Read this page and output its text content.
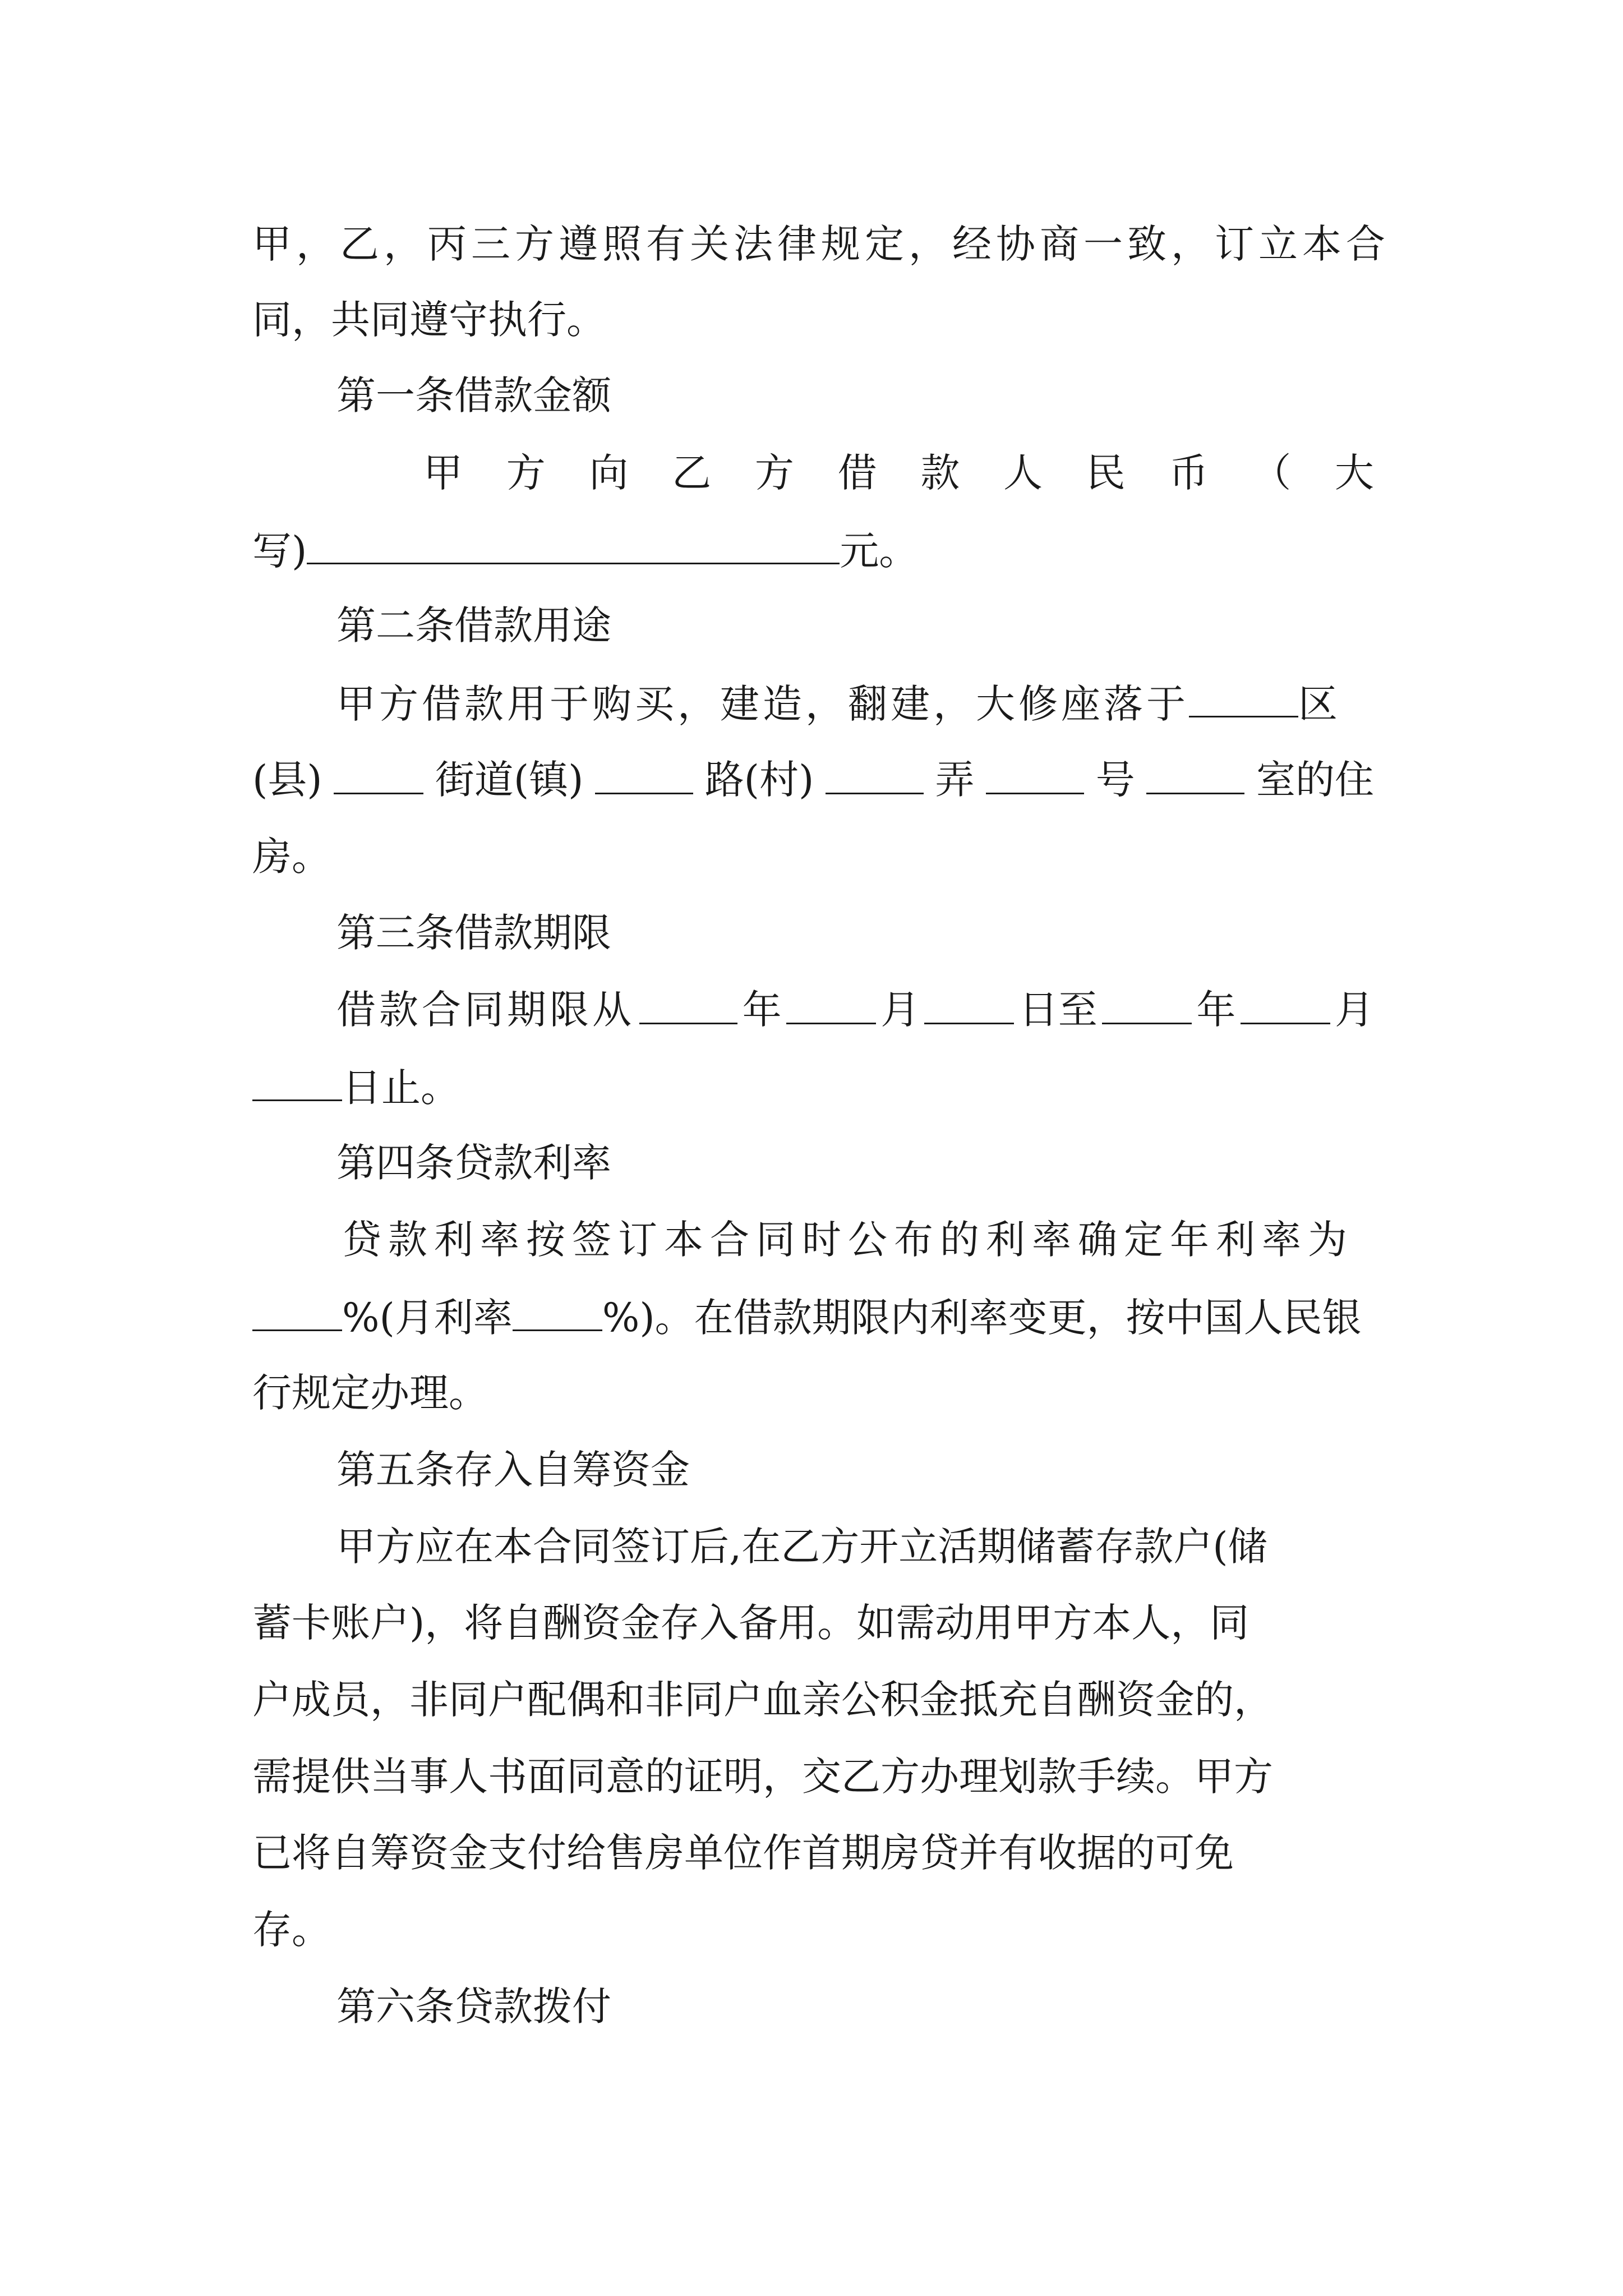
甲，乙，丙三方遵照有关法律规定，经协商一致，订立本合
同，共同遵守执行。
第一条借款金额
甲 方 向 乙 方 借 款 人 民 币 （ 大
写)	元。
第二条借款用途
甲方借款用于购买，建造，翻建，大修座落于	区
(县)	街道(镇)	路(村)	弄	号	室的住
房。
第三条借款期限
借款合同期限从	年	月	日至	年	月
日止。
第四条贷款利率
贷款利率按签订本合同时公布的利率确定年利率为
%(月利率 %)。在借款期限内利率变更，按中国人民银
行规定办理。
第五条存入自筹资金
甲方应在本合同签订后,在乙方开立活期储蓄存款户(储
蓄卡账户)，将自酬资金存入备用。如需动用甲方本人，同
户成员，非同户配偶和非同户血亲公积金抵充自酬资金的，
需提供当事人书面同意的证明，交乙方办理划款手续。甲方
已将自筹资金支付给售房单位作首期房贷并有收据的可免
存。
第六条贷款拨付
